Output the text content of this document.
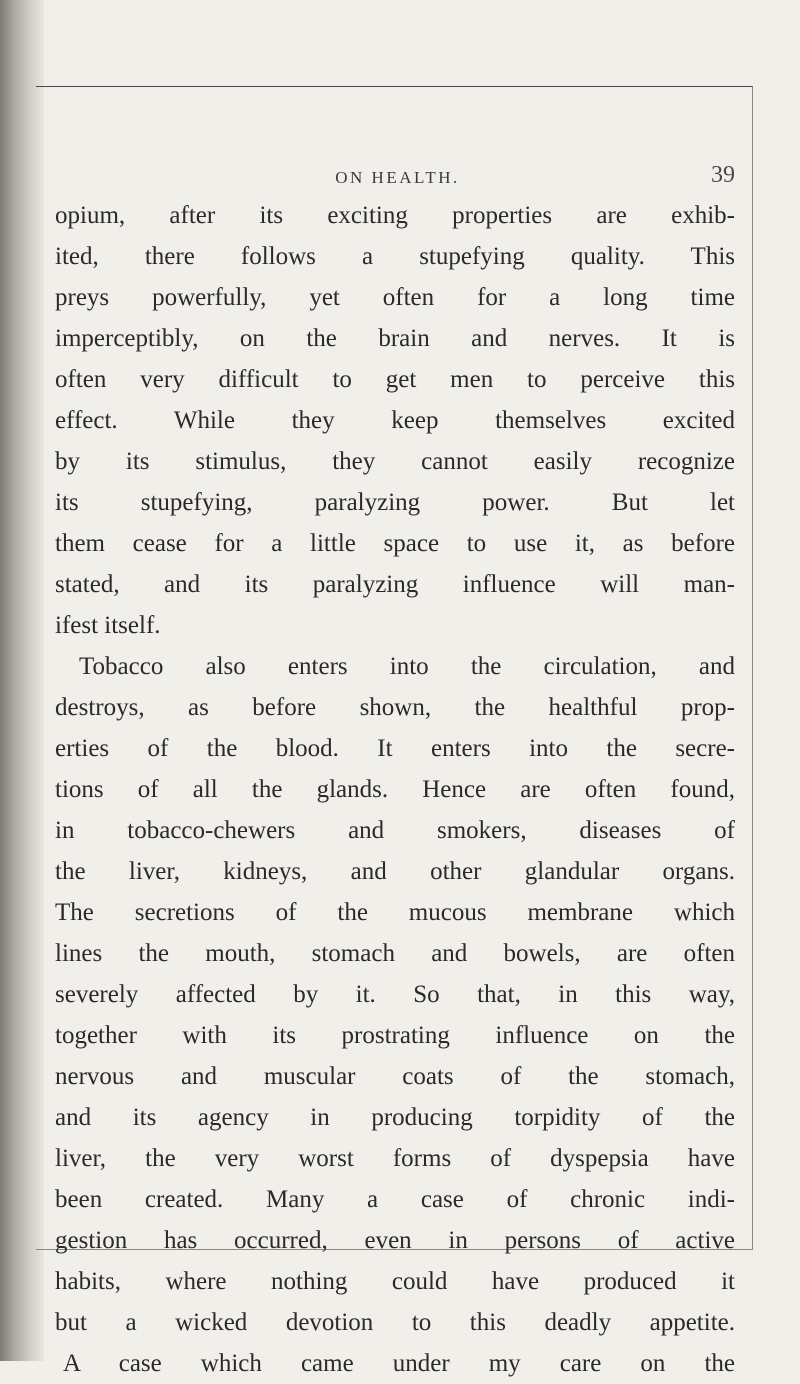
ON HEALTH.	39
opium, after its exciting properties are exhib-
ited, there follows a stupefying quality. This
preys powerfully, yet often for a long time
imperceptibly, on the brain and nerves. It is
often very difficult to get men to perceive this
effect. While they keep themselves excited
by its stimulus, they cannot easily recognize
its stupefying, paralyzing power. But let
them cease for a little space to use it, as before
stated, and its paralyzing influence will man-
ifest itself.
Tobacco also enters into the circulation, and
destroys, as before shown, the healthful prop-
erties of the blood. It enters into the secre-
tions of all the glands. Hence are often found,
in tobacco-chewers and smokers, diseases of
the liver, kidneys, and other glandular organs.
The secretions of the mucous membrane which
lines the mouth, stomach and bowels, are often
severely affected by it. So that, in this way,
together with its prostrating influence on the
nervous and muscular coats of the stomach,
and its agency in producing torpidity of the
liver, the very worst forms of dyspepsia have
been created. Many a case of chronic indi-
gestion has occurred, even in persons of active
habits, where nothing could have produced it
but a wicked devotion to this deadly appetite.
A case which came under my care on the
